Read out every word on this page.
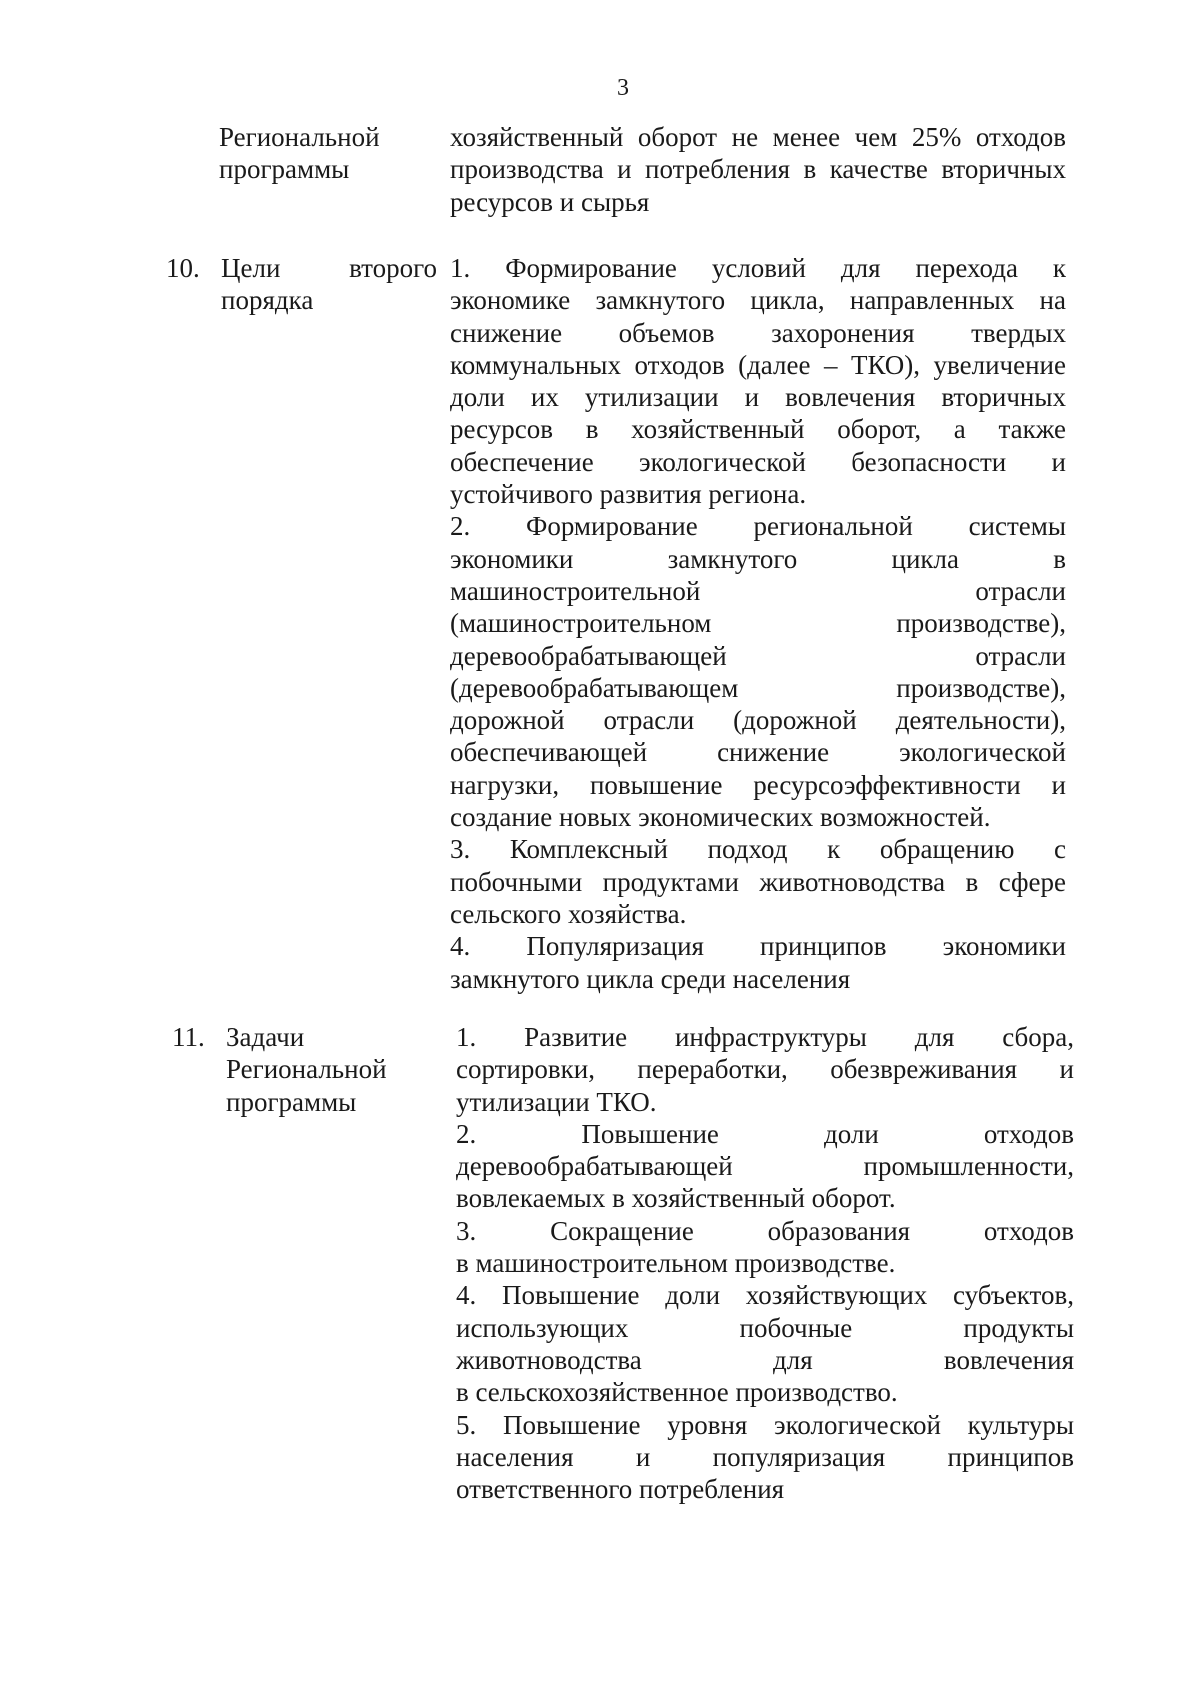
3
Региональной
программы
хозяйственный оборот не менее чем 25% отходов
производства и потребления в качестве вторичных
ресурсов и сырья
10. Цели второго
порядка
1. Формирование условий для перехода к
экономике замкнутого цикла, направленных на
снижение объемов захоронения твердых
коммунальных отходов (далее – ТКО), увеличение
доли их утилизации и вовлечения вторичных
ресурсов в хозяйственный оборот, а также
обеспечение экологической безопасности и
устойчивого развития региона.
2. Формирование региональной системы
экономики замкнутого цикла в
машиностроительной отрасли
(машиностроительном производстве),
деревообрабатывающей отрасли
(деревообрабатывающем производстве),
дорожной отрасли (дорожной деятельности),
обеспечивающей снижение экологической
нагрузки, повышение ресурсоэффективности и
создание новых экономических возможностей.
3. Комплексный подход к обращению с
побочными продуктами животноводства в сфере
сельского хозяйства.
4. Популяризация принципов экономики
замкнутого цикла среди населения
11. Задачи
Региональной
программы
1. Развитие инфраструктуры для сбора,
сортировки, переработки, обезвреживания и
утилизации ТКО.
2. Повышение доли отходов
деревообрабатывающей промышленности,
вовлекаемых в хозяйственный оборот.
3. Сокращение образования отходов
в машиностроительном производстве.
4. Повышение доли хозяйствующих субъектов,
использующих побочные продукты
животноводства для вовлечения
в сельскохозяйственное производство.
5. Повышение уровня экологической культуры
населения и популяризация принципов
ответственного потребления
